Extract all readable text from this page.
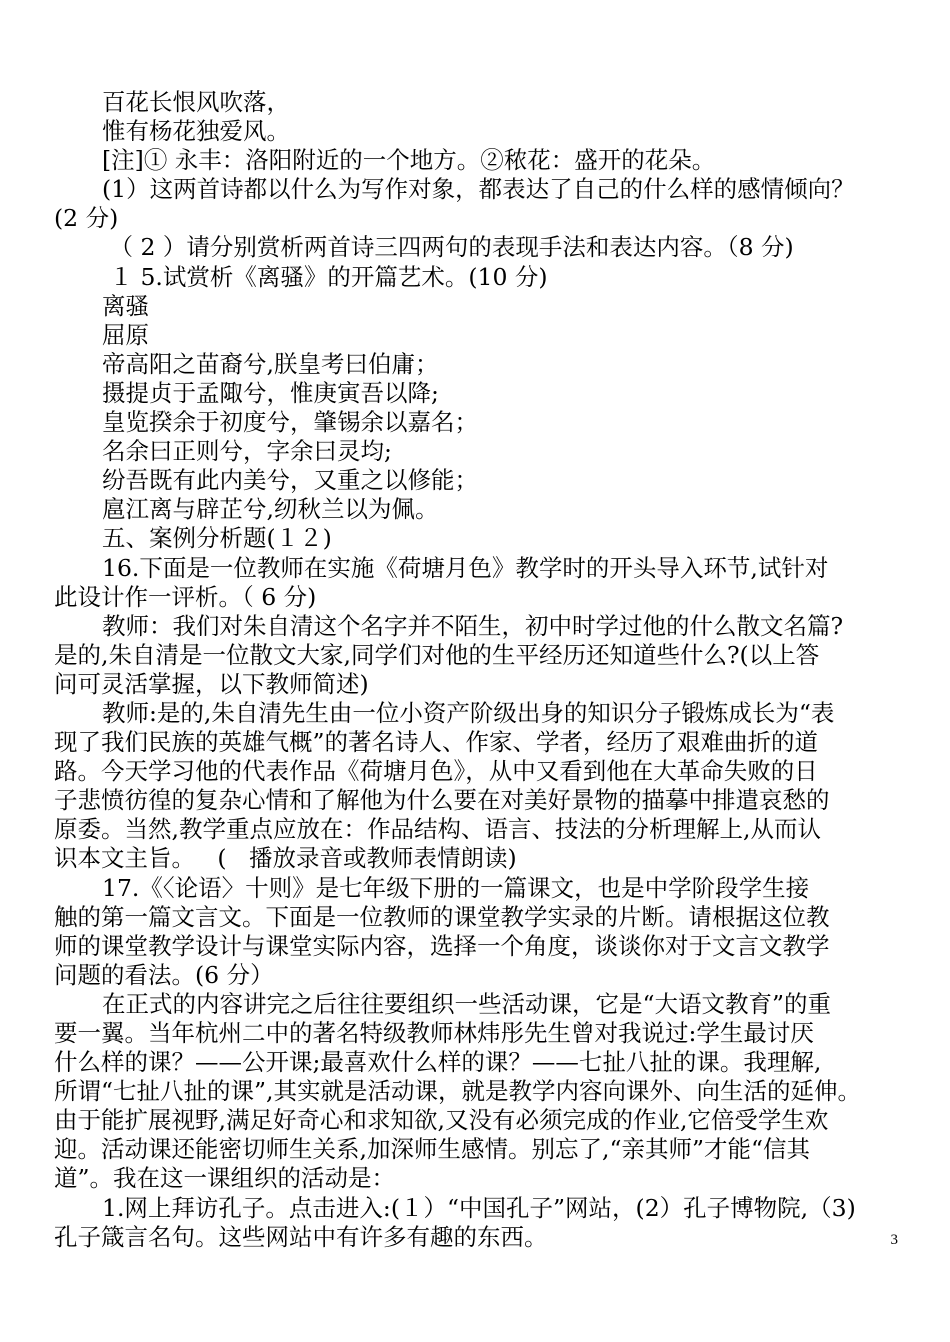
百花长恨风吹落，
惟有杨花独爱风。
[注]① 永丰：洛阳附近的一个地方。②秾花：盛开的花朵。
(1）这两首诗都以什么为写作对象，都表达了自己的什么样的感情倾向？
(2 分)
（ 2 ）请分别赏析两首诗三四两句的表现手法和表达内容。（8 分)
１ 5.试赏析《离骚》的开篇艺术。(10 分)
离骚
屈原
帝高阳之苗裔兮,朕皇考曰伯庸；
摄提贞于孟陬兮，惟庚寅吾以降;
皇览揆余于初度兮，肇锡余以嘉名；
名余曰正则兮，字余曰灵均;
纷吾既有此内美兮，又重之以修能；
扈江离与辟芷兮,纫秋兰以为佩。
五、案例分析题(１２)
16.下面是一位教师在实施《荷塘月色》教学时的开头导入环节,试针对
此设计作一评析。（ 6 分)
教师：我们对朱自清这个名字并不陌生，初中时学过他的什么散文名篇?
是的,朱自清是一位散文大家,同学们对他的生平经历还知道些什么?(以上答
问可灵活掌握，以下教师简述)
教师:是的,朱自清先生由一位小资产阶级出身的知识分子锻炼成长为“表
现了我们民族的英雄气概”的著名诗人、作家、学者，经历了艰难曲折的道
路。今天学习他的代表作品《荷塘月色》，从中又看到他在大革命失败的日
子悲愤彷徨的复杂心情和了解他为什么要在对美好景物的描摹中排遣哀愁的
原委。当然,教学重点应放在：作品结构、语言、技法的分析理解上,从而认
识本文主旨。   (   播放录音或教师表情朗读)
17.《〈论语〉十则》是七年级下册的一篇课文，也是中学阶段学生接
触的第一篇文言文。下面是一位教师的课堂教学实录的片断。请根据这位教
师的课堂教学设计与课堂实际内容，选择一个角度，谈谈你对于文言文教学
问题的看法。(6 分）
在正式的内容讲完之后往往要组织一些活动课，它是“大语文教育”的重
要一翼。当年杭州二中的著名特级教师林炜彤先生曾对我说过:学生最讨厌
什么样的课？——公开课;最喜欢什么样的课？——七扯八扯的课。我理解,
所谓“七扯八扯的课”,其实就是活动课，就是教学内容向课外、向生活的延伸。
由于能扩展视野,满足好奇心和求知欲,又没有必须完成的作业,它倍受学生欢
迎。活动课还能密切师生关系,加深师生感情。别忘了,“亲其师”才能“信其
道”。我在这一课组织的活动是：
1.网上拜访孔子。点击进入:(１）“中国孔子”网站，(2）孔子博物院,（3)
孔子箴言名句。这些网站中有许多有趣的东西。	3
